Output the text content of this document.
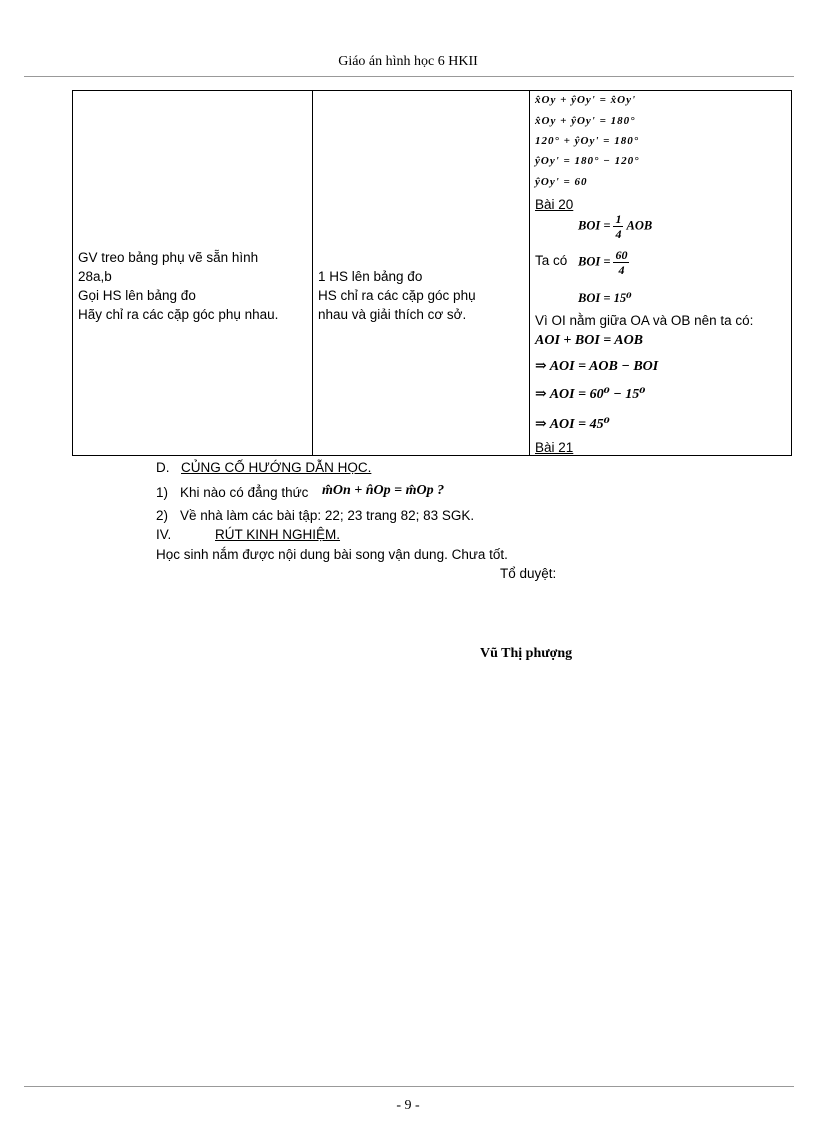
Giáo án hình học 6 HKII
GV treo bảng phụ vẽ sẵn hình
28a,b
Gọi HS lên bảng đo
Hãy chỉ ra các cặp góc phụ nhau.
1 HS lên bảng đo
HS chỉ ra các cặp góc phụ
nhau và giải thích cơ sở.
x̂Oy + ŷOy' = x̂Oy'
x̂Oy + ŷOy' = 180°
120° + ŷOy' = 180°
ŷOy' = 180° − 120°
ŷOy' = 60
Bài 20
BOI = $\frac{1}{4}$ AOB
Ta có BOI = $\frac{60}{4}$
BOI = 15⁰
Vì OI nằm giữa OA và OB nên ta có:
AOI + BOI = AOB
⇒ AOI = AOB − BOI
⇒ AOI = 60⁰ − 15⁰
⇒ AOI = 45⁰
Bài 21
D. CỦNG CỐ HƯỚNG DẪN HỌC.
1) Khi nào có đẳng thức m̂On + n̂Op = m̂Op ?
2) Về nhà làm các bài tập: 22; 23 trang 82; 83 SGK.
IV.	RÚT KINH NGHIỆM.
Học sinh nắm được nội dung bài song vận dung. Chưa tốt.
Tổ duyệt:
Vũ Thị phượng
- 9 -
